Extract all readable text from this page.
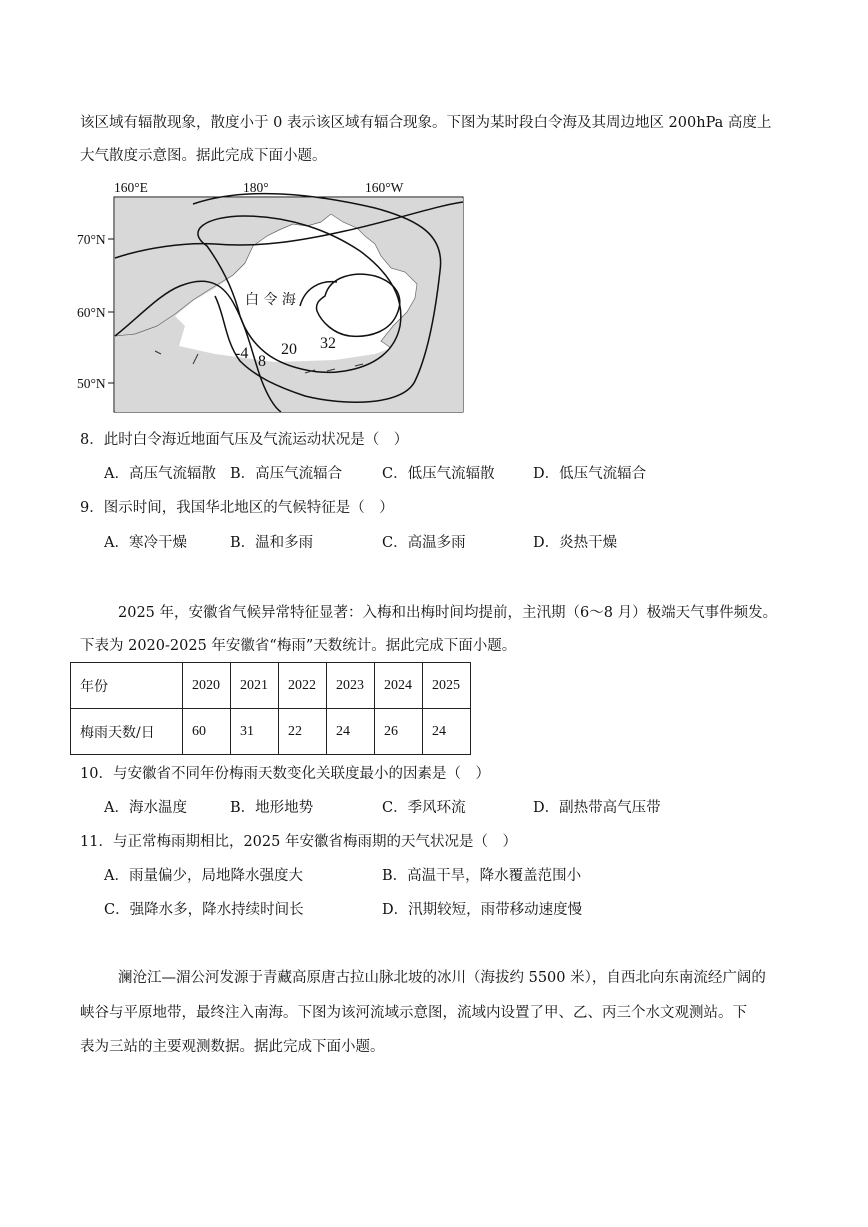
该区域有辐散现象，散度小于 0 表示该区域有辐合现象。下图为某时段白令海及其周边地区 200hPa 高度上
大气散度示意图。据此完成下面小题。
160°E	180°	160°W
70°N
60°N
50°N
白 令 海
-4 8
20 32
8．此时白令海近地面气压及气流运动状况是（　）
A．高压气流辐散 B．高压气流辐合	C．低压气流辐散	D．低压气流辐合
9．图示时间，我国华北地区的气候特征是（　）
A．寒冷干燥	B．温和多雨	C．高温多雨	D．炎热干燥
2025 年，安徽省气候异常特征显著：入梅和出梅时间均提前，主汛期（6～8 月）极端天气事件频发。
下表为 2020-2025 年安徽省“梅雨”天数统计。据此完成下面小题。
年份	2020	2021	2022	2023	2024	2025
梅雨天数/日	60	31	22	24	26	24
10．与安徽省不同年份梅雨天数变化关联度最小的因素是（　）
A．海水温度	B．地形地势	C．季风环流	D．副热带高气压带
11．与正常梅雨期相比，2025 年安徽省梅雨期的天气状况是（　）
A．雨量偏少，局地降水强度大	B．高温干旱，降水覆盖范围小
C．强降水多，降水持续时间长	D．汛期较短，雨带移动速度慢
澜沧江—湄公河发源于青藏高原唐古拉山脉北坡的冰川（海拔约 5500 米），自西北向东南流经广阔的
峡谷与平原地带，最终注入南海。下图为该河流域示意图，流域内设置了甲、乙、丙三个水文观测站。下
表为三站的主要观测数据。据此完成下面小题。
